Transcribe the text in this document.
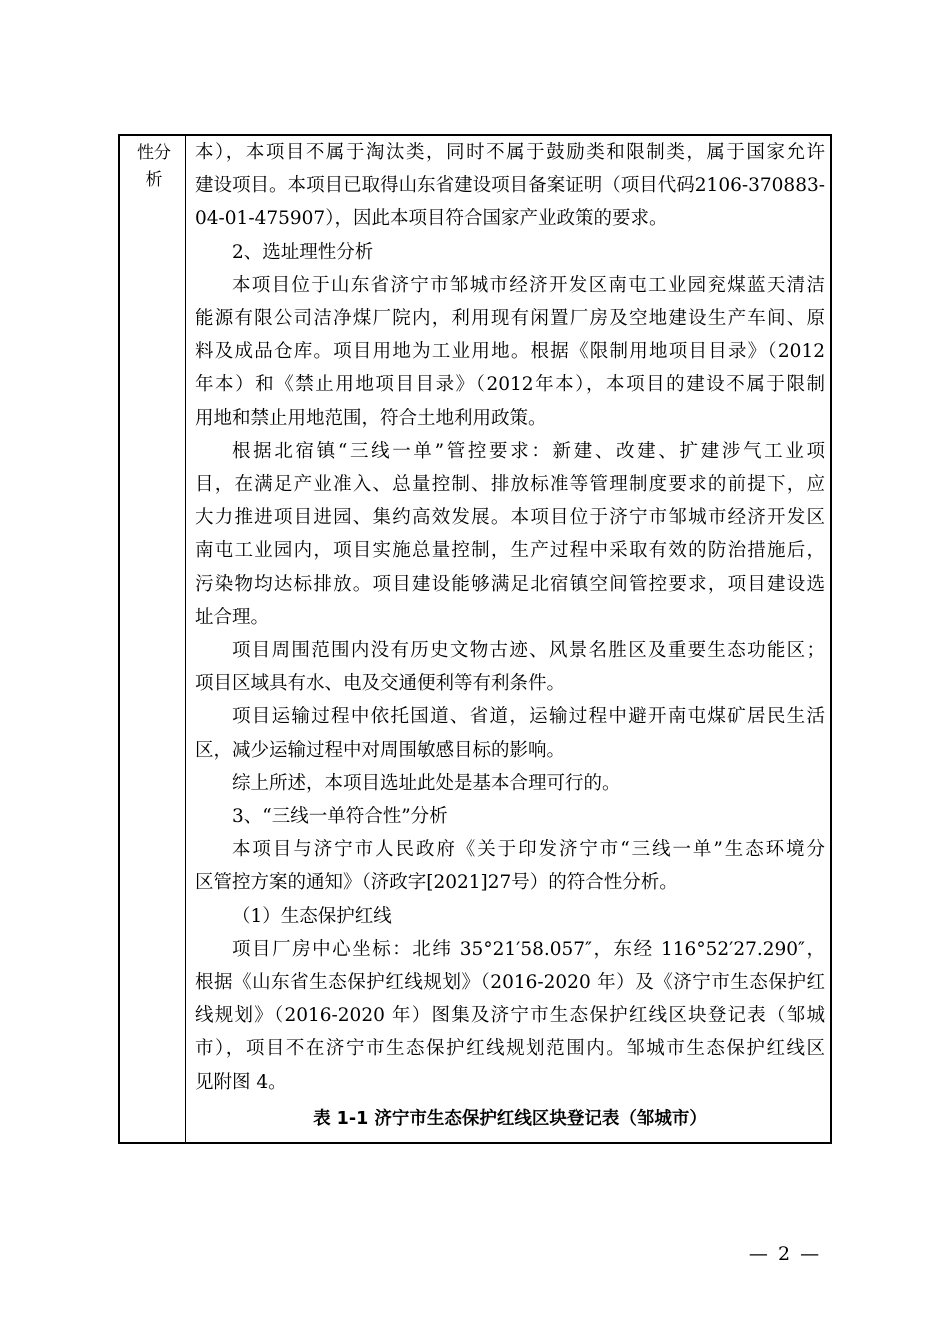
性分
析
本），本项目不属于淘汰类，同时不属于鼓励类和限制类，属于国家允许
建设项目。本项目已取得山东省建设项目备案证明（项目代码2106-370883-
04-01-475907），因此本项目符合国家产业政策的要求。
2、选址理性分析
本项目位于山东省济宁市邹城市经济开发区南屯工业园兖煤蓝天清洁
能源有限公司洁净煤厂院内，利用现有闲置厂房及空地建设生产车间、原
料及成品仓库。项目用地为工业用地。根据《限制用地项目目录》（2012
年本）和《禁止用地项目目录》（2012年本），本项目的建设不属于限制
用地和禁止用地范围，符合土地利用政策。
根据北宿镇“三线一单”管控要求：新建、改建、扩建涉气工业项
目，在满足产业准入、总量控制、排放标准等管理制度要求的前提下，应
大力推进项目进园、集约高效发展。本项目位于济宁市邹城市经济开发区
南屯工业园内，项目实施总量控制，生产过程中采取有效的防治措施后，
污染物均达标排放。项目建设能够满足北宿镇空间管控要求，项目建设选
址合理。
项目周围范围内没有历史文物古迹、风景名胜区及重要生态功能区；
项目区域具有水、电及交通便利等有利条件。
项目运输过程中依托国道、省道，运输过程中避开南屯煤矿居民生活
区，减少运输过程中对周围敏感目标的影响。
综上所述，本项目选址此处是基本合理可行的。
3、“三线一单符合性”分析
本项目与济宁市人民政府《关于印发济宁市“三线一单”生态环境分
区管控方案的通知》（济政字[2021]27号）的符合性分析。
（1）生态保护红线
项目厂房中心坐标：北纬 35°21′58.057″，东经 116°52′27.290″，
根据《山东省生态保护红线规划》（2016-2020 年）及《济宁市生态保护红
线规划》（2016-2020 年）图集及济宁市生态保护红线区块登记表（邹城
市），项目不在济宁市生态保护红线规划范围内。邹城市生态保护红线区
见附图 4。
表 1-1 济宁市生态保护红线区块登记表（邹城市）
— 2 —
